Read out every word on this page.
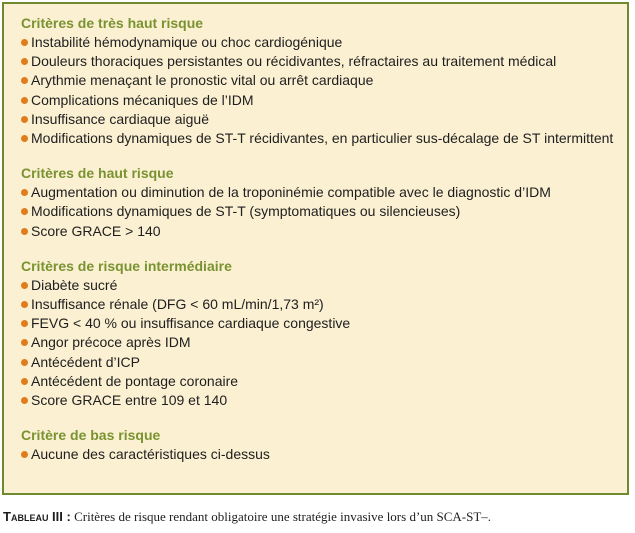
Critères de très haut risque
Instabilité hémodynamique ou choc cardiogénique
Douleurs thoraciques persistantes ou récidivantes, réfractaires au traitement médical
Arythmie menaçant le pronostic vital ou arrêt cardiaque
Complications mécaniques de l’IDM
Insuffisance cardiaque aiguë
Modifications dynamiques de ST-T récidivantes, en particulier sus-décalage de ST intermittent
Critères de haut risque
Augmentation ou diminution de la troponinémie compatible avec le diagnostic d’IDM
Modifications dynamiques de ST-T (symptomatiques ou silencieuses)
Score GRACE > 140
Critères de risque intermédiaire
Diabète sucré
Insuffisance rénale (DFG < 60 mL/min/1,73 m²)
FEVG < 40 % ou insuffisance cardiaque congestive
Angor précoce après IDM
Antécédent d’ICP
Antécédent de pontage coronaire
Score GRACE entre 109 et 140
Critère de bas risque
Aucune des caractéristiques ci-dessus
Tableau III : Critères de risque rendant obligatoire une stratégie invasive lors d’un SCA-ST–.
